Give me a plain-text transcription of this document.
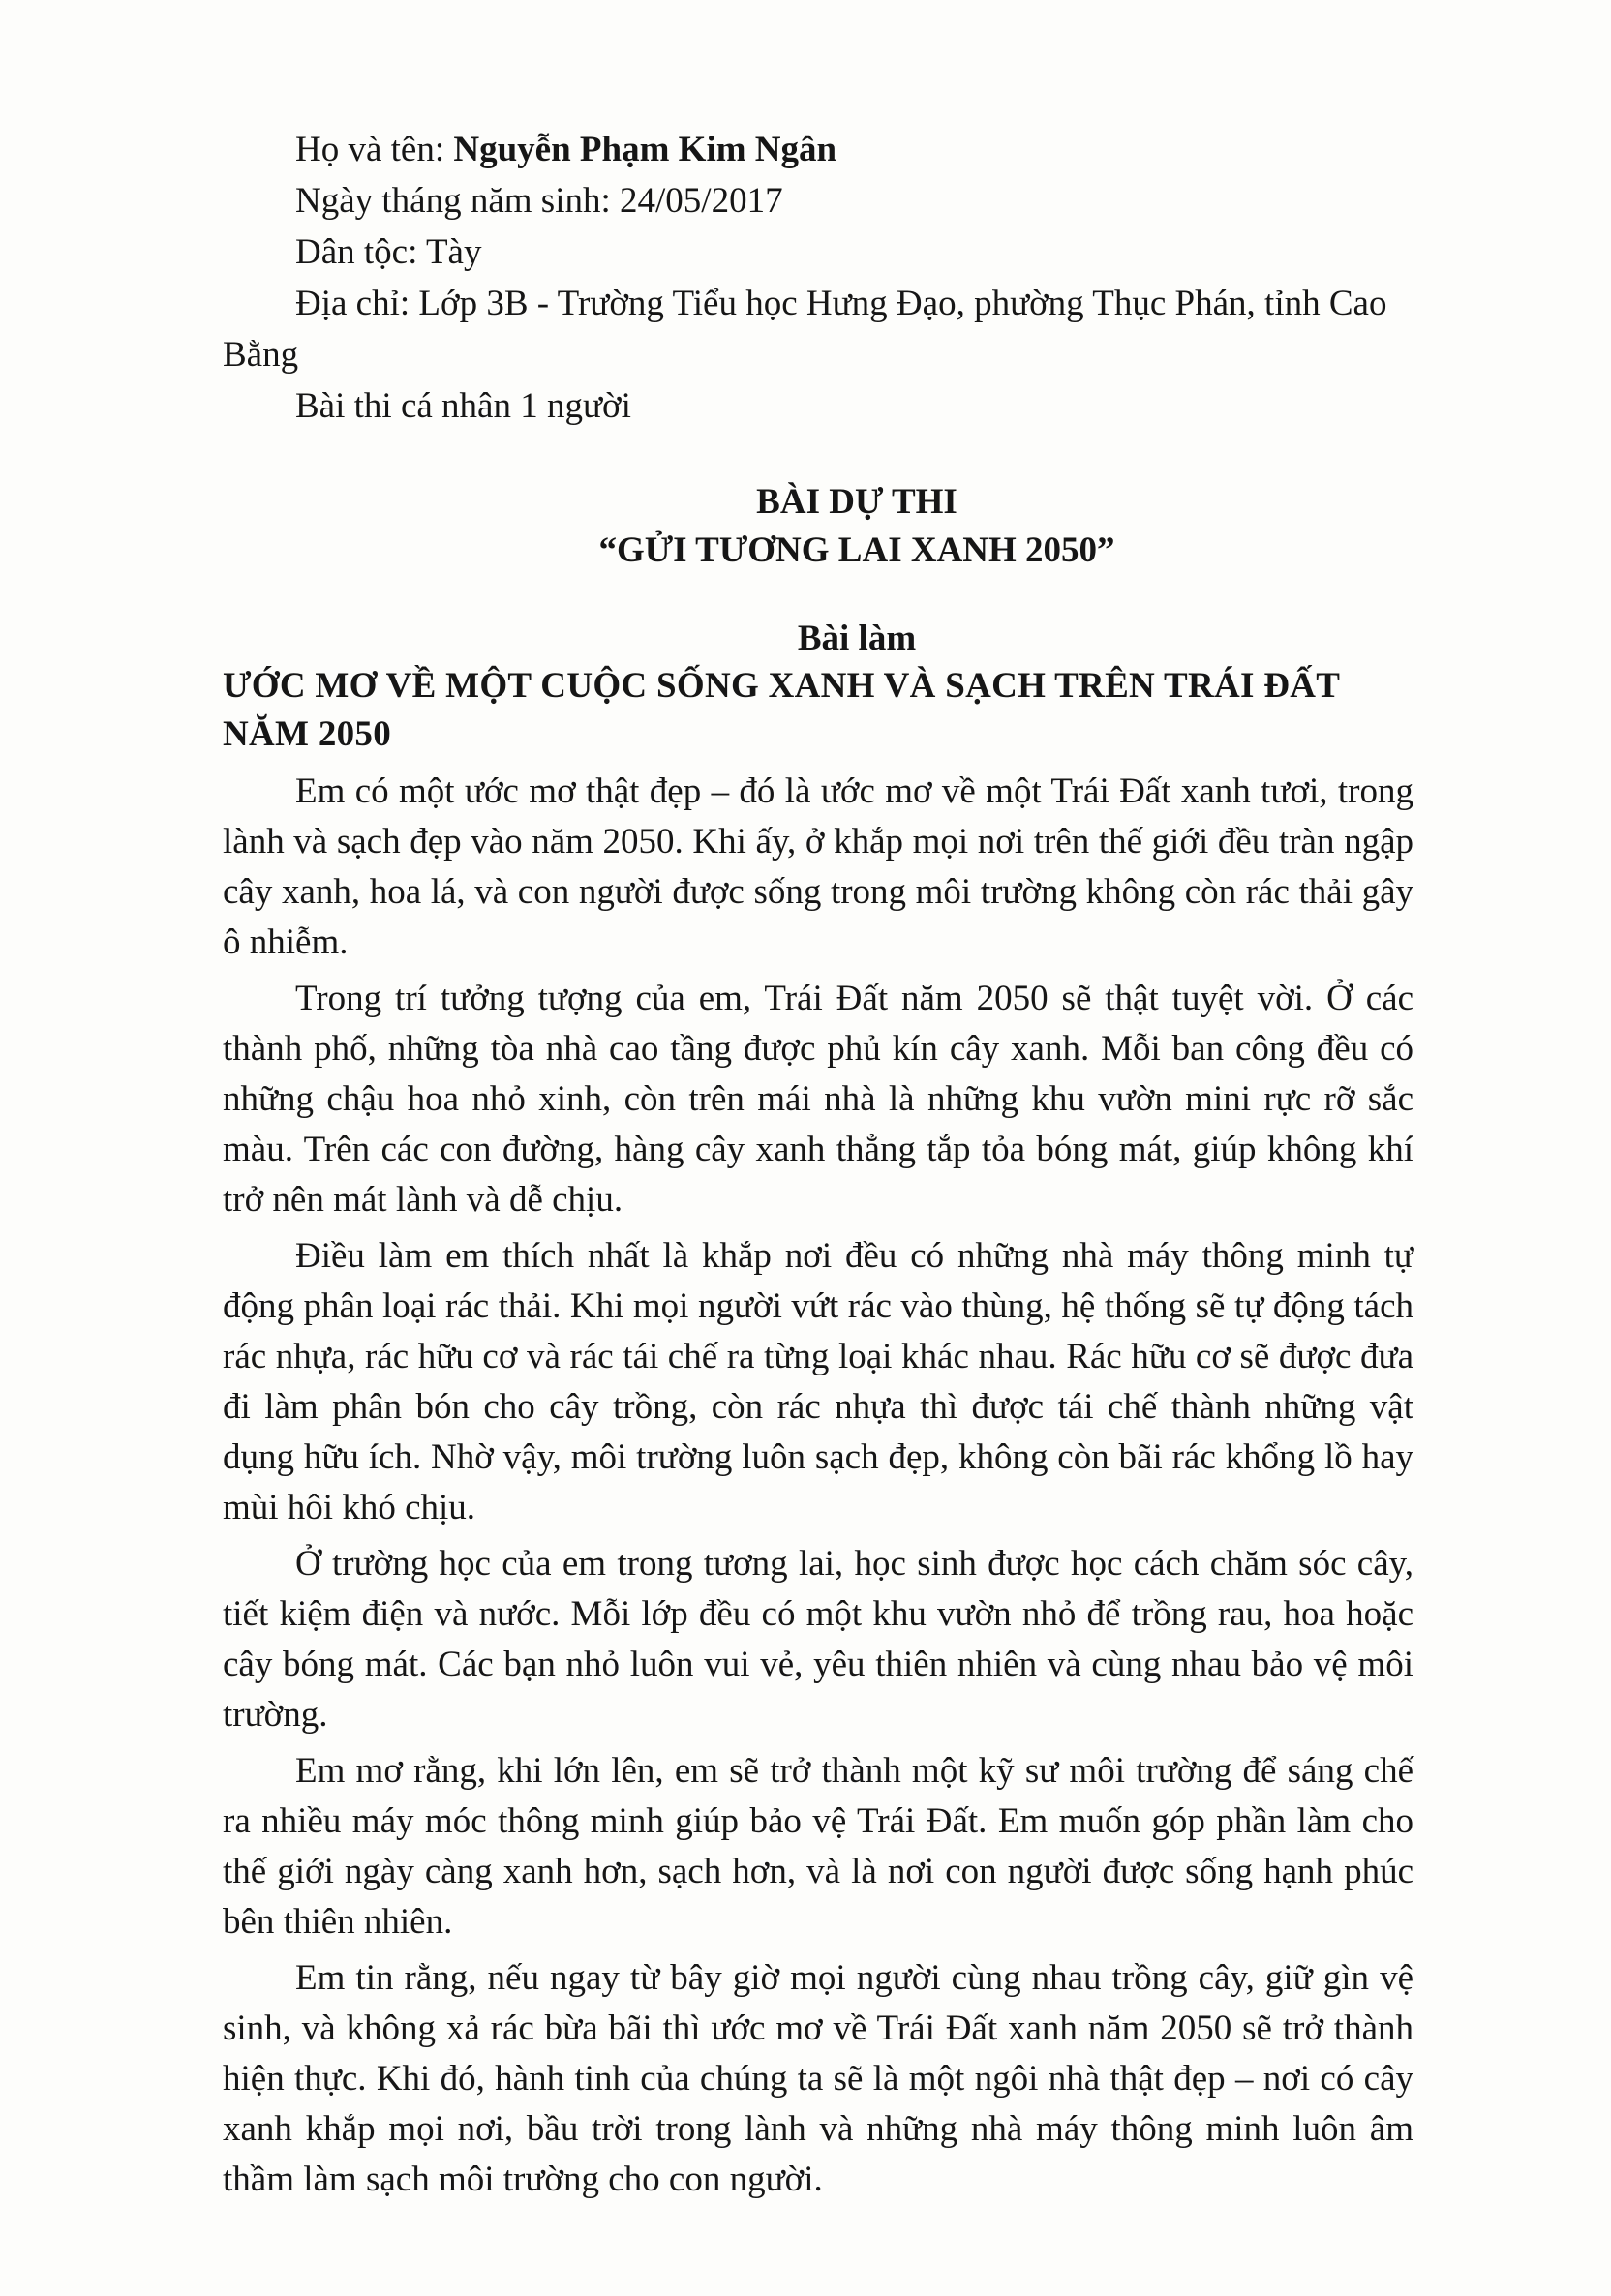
Họ và tên: Nguyễn Phạm Kim Ngân

Ngày tháng năm sinh: 24/05/2017

Dân tộc: Tày

Địa chỉ: Lớp 3B - Trường Tiểu học Hưng Đạo, phường Thục Phán, tỉnh Cao Bằng

Bài thi cá nhân 1 người

BÀI DỰ THI

“GỬI TƯƠNG LAI XANH 2050”

Bài làm

ƯỚC MƠ VỀ MỘT CUỘC SỐNG XANH VÀ SẠCH TRÊN TRÁI ĐẤT NĂM 2050

Em có một ước mơ thật đẹp – đó là ước mơ về một Trái Đất xanh tươi, trong lành và sạch đẹp vào năm 2050. Khi ấy, ở khắp mọi nơi trên thế giới đều tràn ngập cây xanh, hoa lá, và con người được sống trong môi trường không còn rác thải gây ô nhiễm.

Trong trí tưởng tượng của em, Trái Đất năm 2050 sẽ thật tuyệt vời. Ở các thành phố, những tòa nhà cao tầng được phủ kín cây xanh. Mỗi ban công đều có những chậu hoa nhỏ xinh, còn trên mái nhà là những khu vườn mini rực rỡ sắc màu. Trên các con đường, hàng cây xanh thẳng tắp tỏa bóng mát, giúp không khí trở nên mát lành và dễ chịu.

Điều làm em thích nhất là khắp nơi đều có những nhà máy thông minh tự động phân loại rác thải. Khi mọi người vứt rác vào thùng, hệ thống sẽ tự động tách rác nhựa, rác hữu cơ và rác tái chế ra từng loại khác nhau. Rác hữu cơ sẽ được đưa đi làm phân bón cho cây trồng, còn rác nhựa thì được tái chế thành những vật dụng hữu ích. Nhờ vậy, môi trường luôn sạch đẹp, không còn bãi rác khổng lồ hay mùi hôi khó chịu.

Ở trường học của em trong tương lai, học sinh được học cách chăm sóc cây, tiết kiệm điện và nước. Mỗi lớp đều có một khu vườn nhỏ để trồng rau, hoa hoặc cây bóng mát. Các bạn nhỏ luôn vui vẻ, yêu thiên nhiên và cùng nhau bảo vệ môi trường.

Em mơ rằng, khi lớn lên, em sẽ trở thành một kỹ sư môi trường để sáng chế ra nhiều máy móc thông minh giúp bảo vệ Trái Đất. Em muốn góp phần làm cho thế giới ngày càng xanh hơn, sạch hơn, và là nơi con người được sống hạnh phúc bên thiên nhiên.

Em tin rằng, nếu ngay từ bây giờ mọi người cùng nhau trồng cây, giữ gìn vệ sinh, và không xả rác bừa bãi thì ước mơ về Trái Đất xanh năm 2050 sẽ trở thành hiện thực. Khi đó, hành tinh của chúng ta sẽ là một ngôi nhà thật đẹp – nơi có cây xanh khắp mọi nơi, bầu trời trong lành và những nhà máy thông minh luôn âm thầm làm sạch môi trường cho con người.
